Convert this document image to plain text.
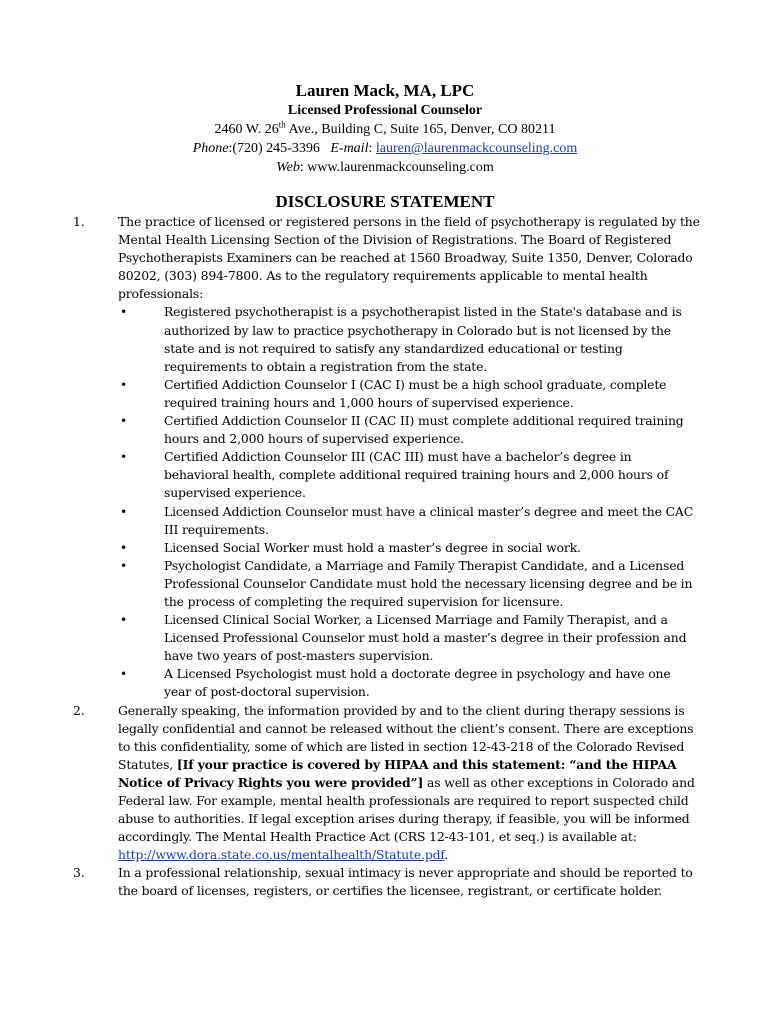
Lauren Mack, MA, LPC
Licensed Professional Counselor
2460 W. 26th Ave., Building C, Suite 165, Denver, CO 80211
Phone:(720) 245-3396 E-mail: lauren@laurenmackcounseling.com
Web: www.laurenmackcounseling.com
DISCLOSURE STATEMENT
1.	The practice of licensed or registered persons in the field of psychotherapy is regulated by the Mental Health Licensing Section of the Division of Registrations. The Board of Registered Psychotherapists Examiners can be reached at 1560 Broadway, Suite 1350, Denver, Colorado 80202, (303) 894-7800. As to the regulatory requirements applicable to mental health professionals:

•	Registered psychotherapist is a psychotherapist listed in the State's database and is authorized by law to practice psychotherapy in Colorado but is not licensed by the state and is not required to satisfy any standardized educational or testing requirements to obtain a registration from the state.
•	Certified Addiction Counselor I (CAC I) must be a high school graduate, complete required training hours and 1,000 hours of supervised experience.
•	Certified Addiction Counselor II (CAC II) must complete additional required training hours and 2,000 hours of supervised experience.
•	Certified Addiction Counselor III (CAC III) must have a bachelor’s degree in behavioral health, complete additional required training hours and 2,000 hours of supervised experience.
•	Licensed Addiction Counselor must have a clinical master’s degree and meet the CAC III requirements.
•	Licensed Social Worker must hold a master’s degree in social work.
•	Psychologist Candidate, a Marriage and Family Therapist Candidate, and a Licensed Professional Counselor Candidate must hold the necessary licensing degree and be in the process of completing the required supervision for licensure.
•	Licensed Clinical Social Worker, a Licensed Marriage and Family Therapist, and a Licensed Professional Counselor must hold a master’s degree in their profession and have two years of post-masters supervision.
•	A Licensed Psychologist must hold a doctorate degree in psychology and have one year of post-doctoral supervision.
2.	Generally speaking, the information provided by and to the client during therapy sessions is legally confidential and cannot be released without the client’s consent. There are exceptions to this confidentiality, some of which are listed in section 12-43-218 of the Colorado Revised Statutes, [If your practice is covered by HIPAA and this statement: “and the HIPAA Notice of Privacy Rights you were provided”] as well as other exceptions in Colorado and Federal law. For example, mental health professionals are required to report suspected child abuse to authorities. If legal exception arises during therapy, if feasible, you will be informed accordingly. The Mental Health Practice Act (CRS 12-43-101, et seq.) is available at: http://www.dora.state.co.us/mentalhealth/Statute.pdf.

3.	In a professional relationship, sexual intimacy is never appropriate and should be reported to the board of licenses, registers, or certifies the licensee, registrant, or certificate holder.
